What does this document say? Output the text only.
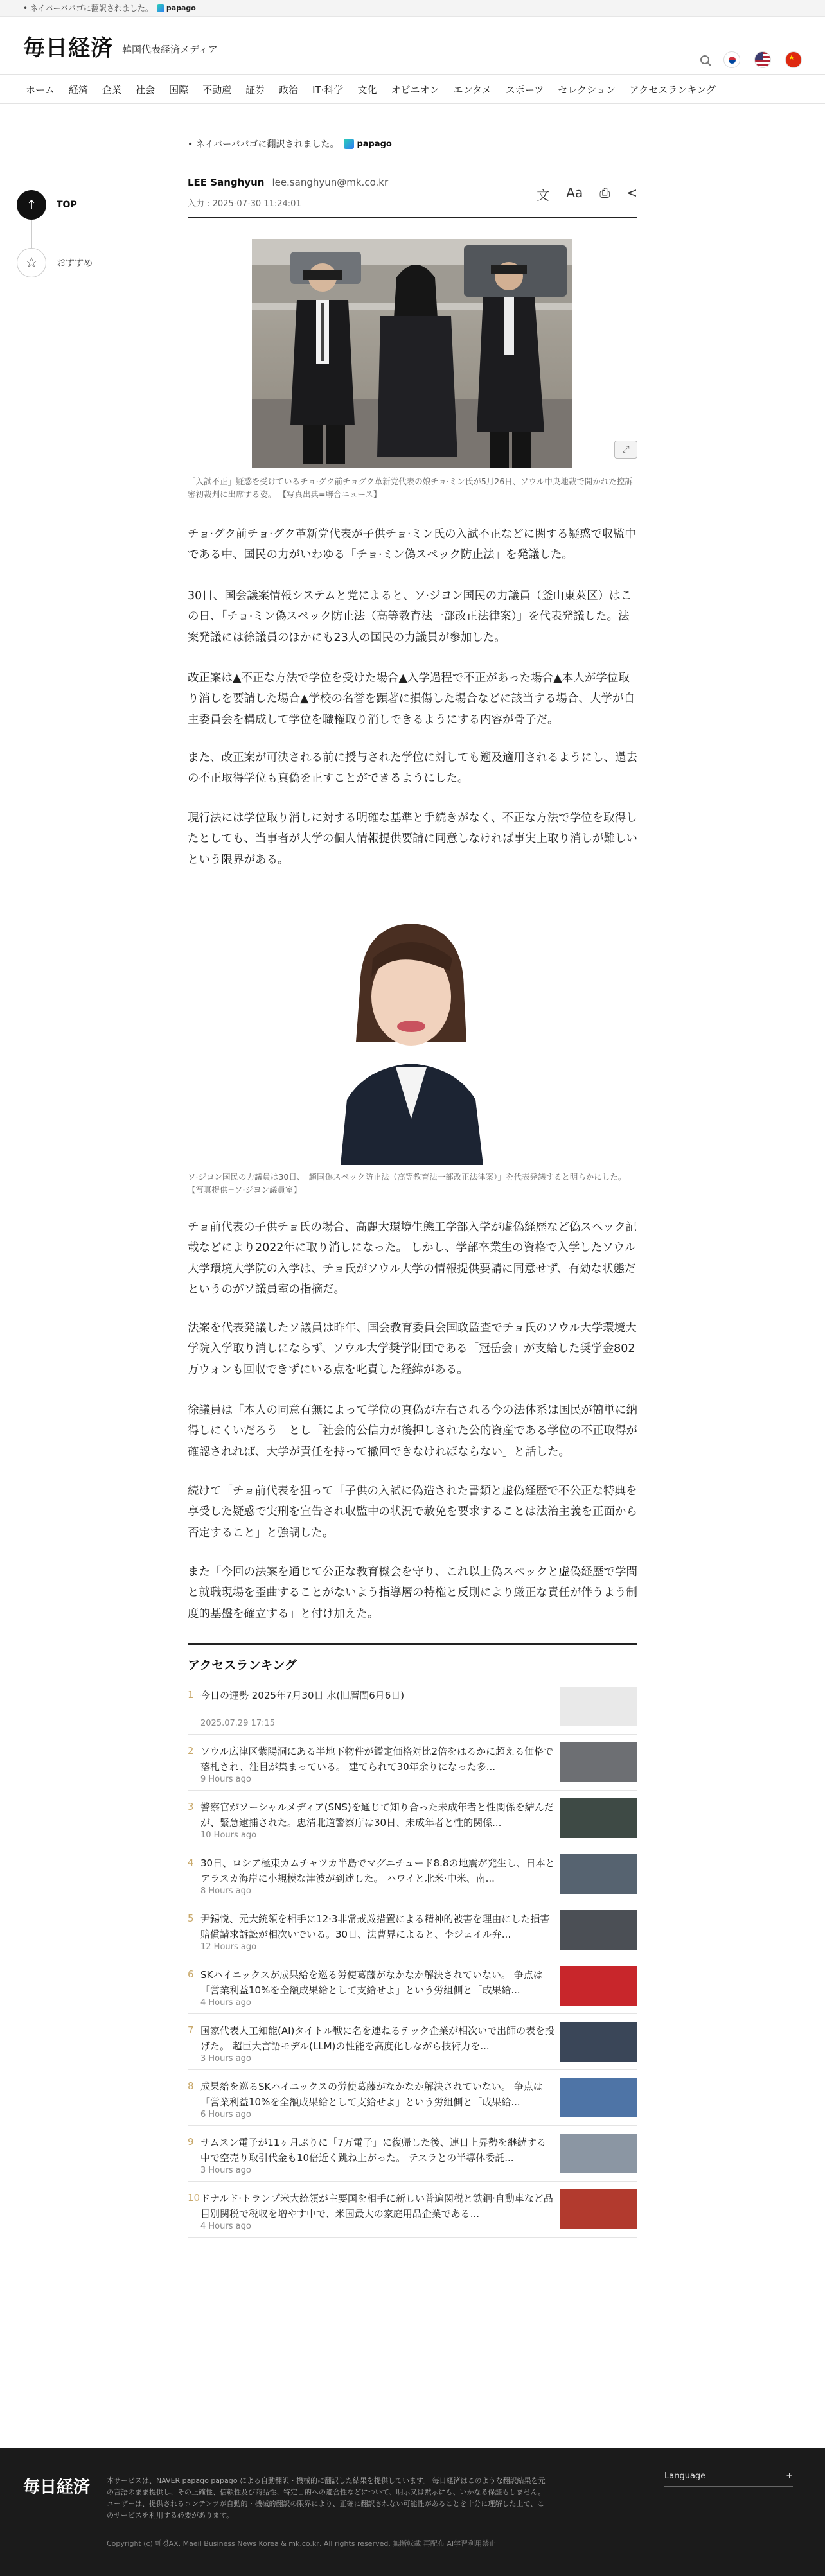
• ネイバーパパゴに翻訳されました。 papago
毎日経済 韓国代表経済メディア
★
ホーム 経済 企業 社会 国際 不動産 証券 政治 IT·科学 文化 オピニオン エンタメ スポーツ セレクション アクセスランキング
↑	TOP
☆	おすすめ
• ネイバーパパゴに翻訳されました。 papago
LEE Sanghyun lee.sanghyun@mk.co.kr
入力 : 2025-07-30 11:24:01
文 Aa ⎙ <
⤢
「入試不正」疑惑を受けているチョ·グク前チョグク革新党代表の娘チョ·ミン氏が5月26日、ソウル中央地裁で開かれた控訴審初裁判に出席する姿。 【写真出典=聯合ニュース】
チョ·グク前チョ·グク革新党代表が子供チョ·ミン氏の入試不正などに関する疑惑で収監中である中、国民の力がいわゆる「チョ·ミン偽スペック防止法」を発議した。
30日、国会議案情報システムと党によると、ソ·ジヨン国民の力議員（釜山東萊区）はこの日、「チョ·ミン偽スペック防止法（高等教育法一部改正法律案）」を代表発議した。法案発議には徐議員のほかにも23人の国民の力議員が参加した。
改正案は▲不正な方法で学位を受けた場合▲入学過程で不正があった場合▲本人が学位取り消しを要請した場合▲学校の名誉を顕著に損傷した場合などに該当する場合、大学が自主委員会を構成して学位を職権取り消しできるようにする内容が骨子だ。
また、改正案が可決される前に授与された学位に対しても遡及適用されるようにし、過去の不正取得学位も真偽を正すことができるようにした。
現行法には学位取り消しに対する明確な基準と手続きがなく、不正な方法で学位を取得したとしても、当事者が大学の個人情報提供要請に同意しなければ事実上取り消しが難しいという限界がある。
ソ·ジヨン国民の力議員は30日、「趙国偽スペック防止法（高等教育法一部改正法律案）」を代表発議すると明らかにした。【写真提供=ソ·ジヨン議員室】
チョ前代表の子供チョ氏の場合、高麗大環境生態工学部入学が虚偽経歴など偽スペック記載などにより2022年に取り消しになった。 しかし、学部卒業生の資格で入学したソウル大学環境大学院の入学は、チョ氏がソウル大学の情報提供要請に同意せず、有効な状態だというのがソ議員室の指摘だ。
法案を代表発議したソ議員は昨年、国会教育委員会国政監査でチョ氏のソウル大学環境大学院入学取り消しにならず、ソウル大学奨学財団である「冠岳会」が支給した奨学金802万ウォンも回収できずにいる点を叱責した経緯がある。
徐議員は「本人の同意有無によって学位の真偽が左右される今の法体系は国民が簡単に納得しにくいだろう」とし「社会的公信力が後押しされた公的資産である学位の不正取得が確認されれば、大学が責任を持って撤回できなければならない」と話した。
続けて「チョ前代表を狙って「子供の入試に偽造された書類と虚偽経歴で不公正な特典を享受した疑惑で実刑を宣告され収監中の状況で赦免を要求することは法治主義を正面から否定すること」と強調した。
また「今回の法案を通じて公正な教育機会を守り、これ以上偽スペックと虚偽経歴で学問と就職現場を歪曲することがないよう指導層の特権と反則により厳正な責任が伴うよう制度的基盤を確立する」と付け加えた。
アクセスランキング
1 今日の運勢 2025年7月30日 水(旧暦閏6月6日)
2025.07.29 17:15
2 ソウル広津区紫陽洞にある半地下物件が鑑定価格対比2倍をはるかに超える価格で落札され、注目が集まっている。 建てられて30年余りになった多...
9 Hours ago
3 警察官がソーシャルメディア(SNS)を通じて知り合った未成年者と性関係を結んだが、緊急逮捕された。忠清北道警察庁は30日、未成年者と性的関係...
10 Hours ago
4 30日、ロシア極東カムチャツカ半島でマグニチュード8.8の地震が発生し、日本とアラスカ海岸に小規模な津波が到達した。 ハワイと北米·中米、南...
8 Hours ago
5 尹錫悦、元大統領を相手に12·3非常戒厳措置による精神的被害を理由にした損害賠償請求訴訟が相次いでいる。30日、法曹界によると、李ジェイル弁...
12 Hours ago
6 SKハイニックスが成果給を巡る労使葛藤がなかなか解決されていない。 争点は「営業利益10%を全額成果給として支給せよ」という労組側と「成果給...
4 Hours ago
7 国家代表人工知能(AI)タイトル戦に名を連ねるテック企業が相次いで出師の表を投げた。 超巨大言語モデル(LLM)の性能を高度化しながら技術力を...
3 Hours ago
8 成果給を巡るSKハイニックスの労使葛藤がなかなか解決されていない。 争点は「営業利益10%を全額成果給として支給せよ」という労組側と「成果給...
6 Hours ago
9 サムスン電子が11ヶ月ぶりに「7万電子」に復帰した後、連日上昇勢を継続する中で空売り取引代金も10倍近く跳ね上がった。 テスラとの半導体委託...
3 Hours ago
10 ドナルド·トランプ米大統領が主要国を相手に新しい普遍関税と鉄鋼·自動車など品目別関税で税収を増やす中で、米国最大の家庭用品企業である...
4 Hours ago
毎日経済 本サービスは、NAVER papago papago による自動翻訳・機械的に翻訳した結果を提供しています。 毎日経済はこのような翻訳結果を元の言語のまま提供し、その正確性、信頼性及び商品性、特定目的への適合性などについて、明示又は黙示にも、いかなる保証もしません。ユーザーは、提供されるコンテンツが自動的・機械的翻訳の限界により、正確に翻訳されない可能性があることを十分に理解した上で、このサービスを利用する必要があります。
Copyright (c) 매경AX. Maeil Business News Korea & mk.co.kr, All rights reserved. 無断転載 再配布 AI学習利用禁止
Language	+
